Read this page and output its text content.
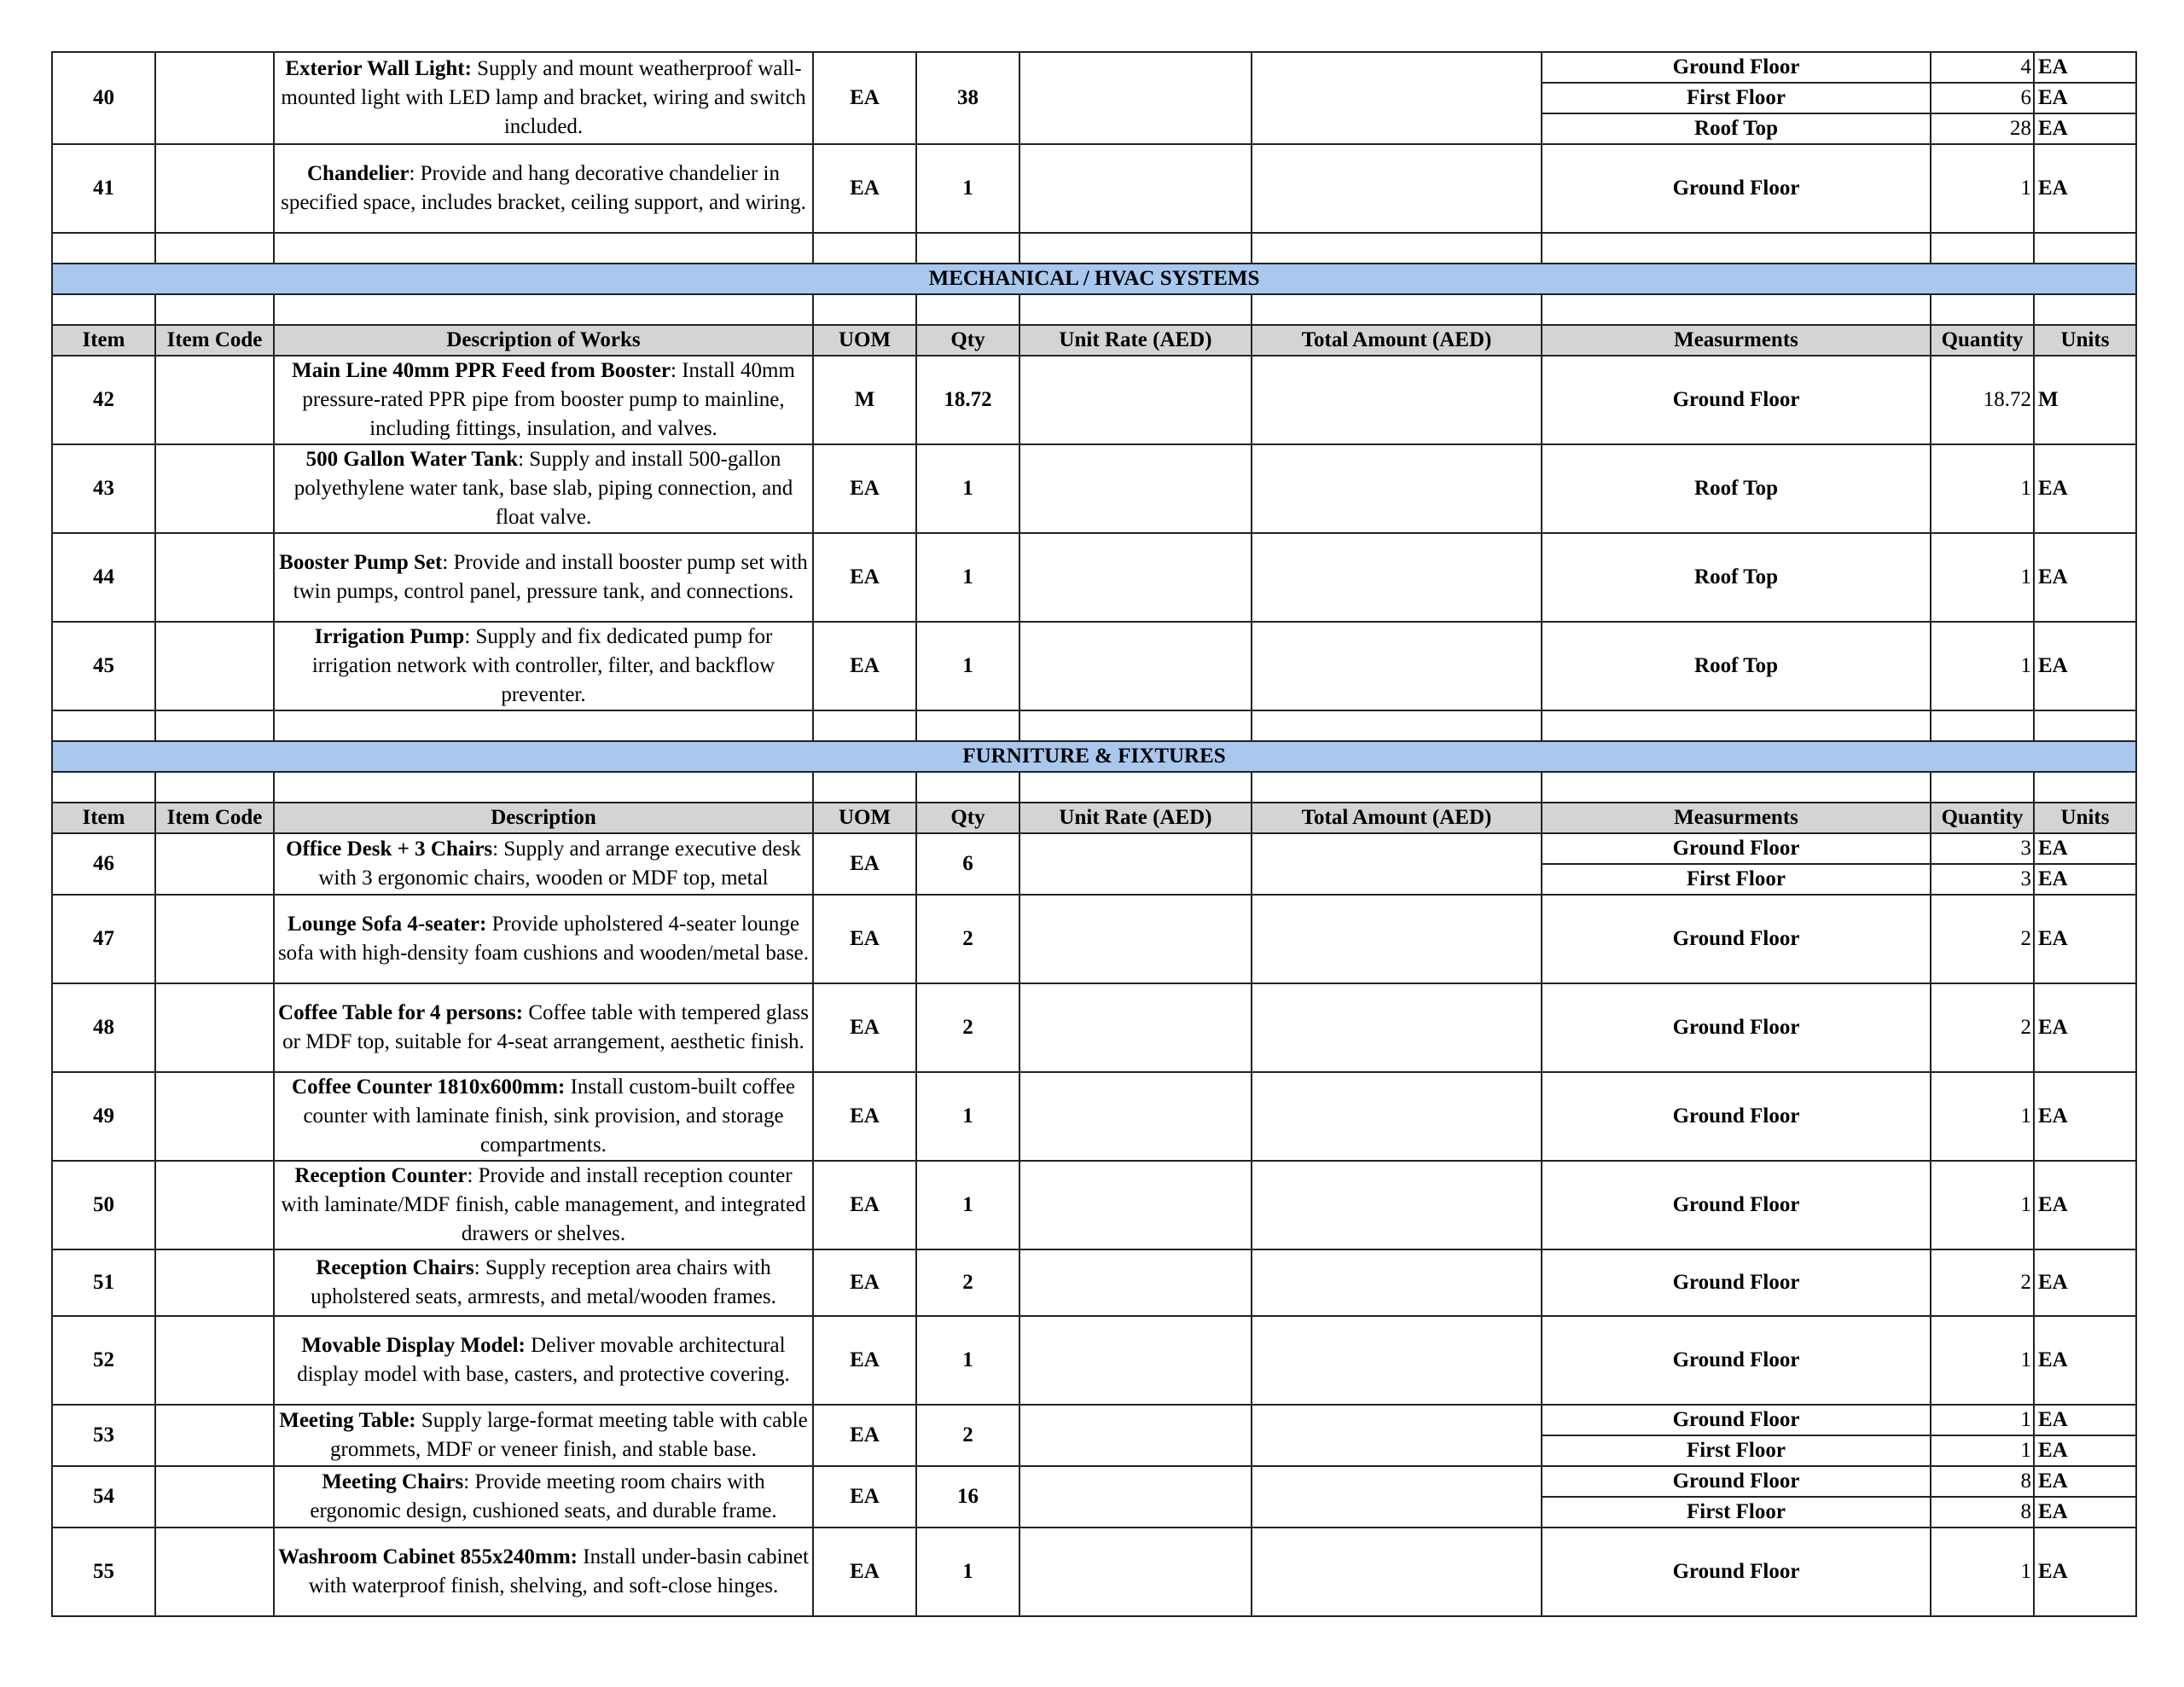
40		Exterior Wall Light: Supply and mount weatherproof wall-mounted light with LED lamp and bracket, wiring and switch included.	EA	38			Ground Floor	4	EA
							First Floor	6	EA
							Roof Top	28	EA
41		Chandelier: Provide and hang decorative chandelier in specified space, includes bracket, ceiling support, and wiring.	EA	1			Ground Floor	1	EA

MECHANICAL / HVAC SYSTEMS									

Item	Item Code	Description of Works	UOM	Qty	Unit Rate (AED)	Total Amount (AED)	Measurments	Quantity	Units
42		Main Line 40mm PPR Feed from Booster: Install 40mm pressure-rated PPR pipe from booster pump to mainline, including fittings, insulation, and valves.	M	18.72			Ground Floor	18.72	M
43		500 Gallon Water Tank: Supply and install 500-gallon polyethylene water tank, base slab, piping connection, and float valve.	EA	1			Roof Top	1	EA
44		Booster Pump Set: Provide and install booster pump set with twin pumps, control panel, pressure tank, and connections.	EA	1			Roof Top	1	EA
45		Irrigation Pump: Supply and fix dedicated pump for irrigation network with controller, filter, and backflow preventer.	EA	1			Roof Top	1	EA

FURNITURE & FIXTURES									

Item	Item Code	Description	UOM	Qty	Unit Rate (AED)	Total Amount (AED)	Measurments	Quantity	Units
46		Office Desk + 3 Chairs: Supply and arrange executive desk with 3 ergonomic chairs, wooden or MDF top, metal	EA	6			Ground Floor	3	EA
							First Floor	3	EA
47		Lounge Sofa 4-seater: Provide upholstered 4-seater lounge sofa with high-density foam cushions and wooden/metal base.	EA	2			Ground Floor	2	EA
48		Coffee Table for 4 persons: Coffee table with tempered glass or MDF top, suitable for 4-seat arrangement, aesthetic finish.	EA	2			Ground Floor	2	EA
49		Coffee Counter 1810x600mm: Install custom-built coffee counter with laminate finish, sink provision, and storage compartments.	EA	1			Ground Floor	1	EA
50		Reception Counter: Provide and install reception counter with laminate/MDF finish, cable management, and integrated drawers or shelves.	EA	1			Ground Floor	1	EA
51		Reception Chairs: Supply reception area chairs with upholstered seats, armrests, and metal/wooden frames.	EA	2			Ground Floor	2	EA
52		Movable Display Model: Deliver movable architectural display model with base, casters, and protective covering.	EA	1			Ground Floor	1	EA
53		Meeting Table: Supply large-format meeting table with cable grommets, MDF or veneer finish, and stable base.	EA	2			Ground Floor	1	EA
							First Floor	1	EA
54		Meeting Chairs: Provide meeting room chairs with ergonomic design, cushioned seats, and durable frame.	EA	16			Ground Floor	8	EA
							First Floor	8	EA
55		Washroom Cabinet 855x240mm: Install under-basin cabinet with waterproof finish, shelving, and soft-close hinges.	EA	1			Ground Floor	1	EA
